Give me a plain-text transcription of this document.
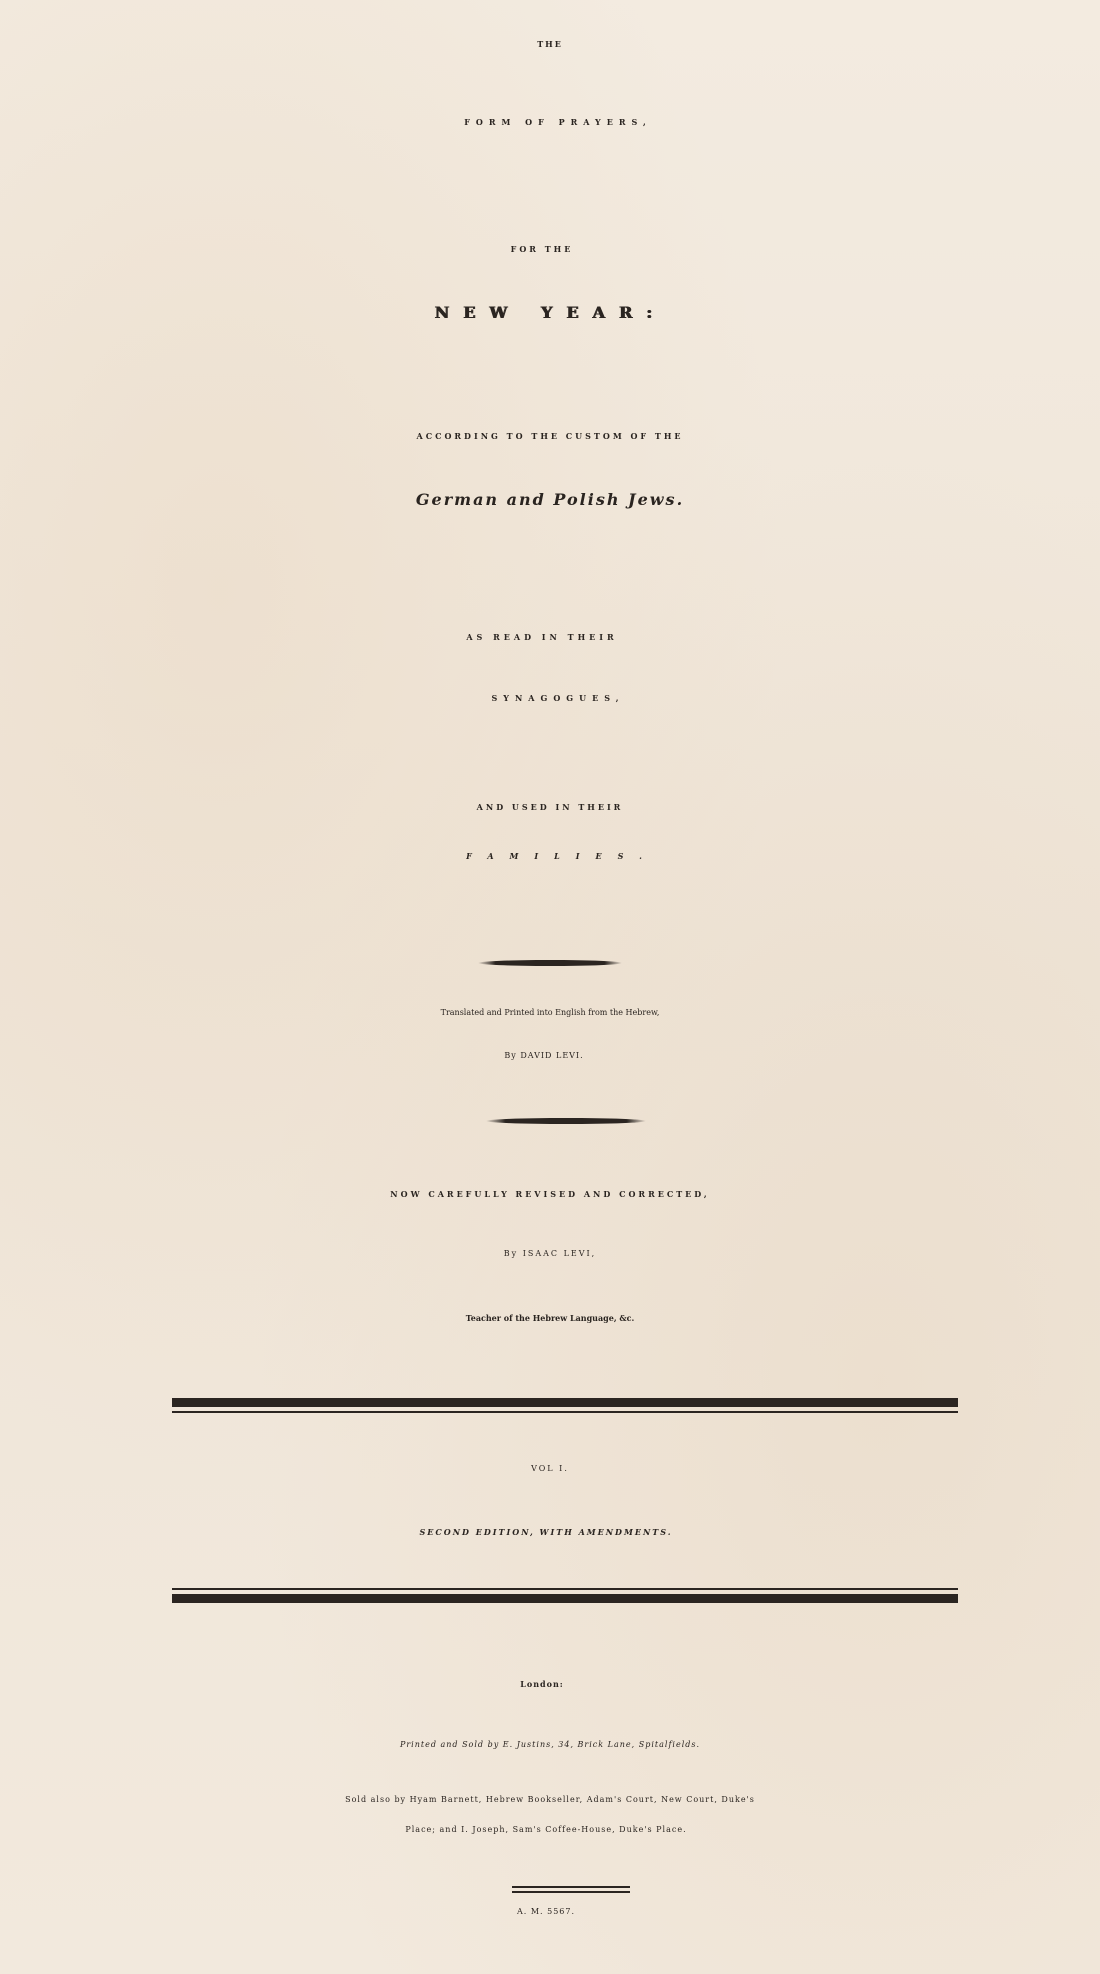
THE
FORM OF PRAYERS,
FOR THE
NEW YEAR:
ACCORDING TO THE CUSTOM OF THE
German and Polish Jews.
AS READ IN THEIR
SYNAGOGUES,
AND USED IN THEIR
FAMILIES.
Translated and Printed into English from the Hebrew,
By DAVID LEVI.
NOW CAREFULLY REVISED AND CORRECTED,
By ISAAC LEVI,
Teacher of the Hebrew Language, &c.
VOL I.
SECOND EDITION, WITH AMENDMENTS.
London:
Printed and Sold by E. Justins, 34, Brick Lane, Spitalfields.
Sold also by Hyam Barnett, Hebrew Bookseller, Adam's Court, New Court, Duke's
Place; and I. Joseph, Sam's Coffee-House, Duke's Place.
A. M. 5567.
